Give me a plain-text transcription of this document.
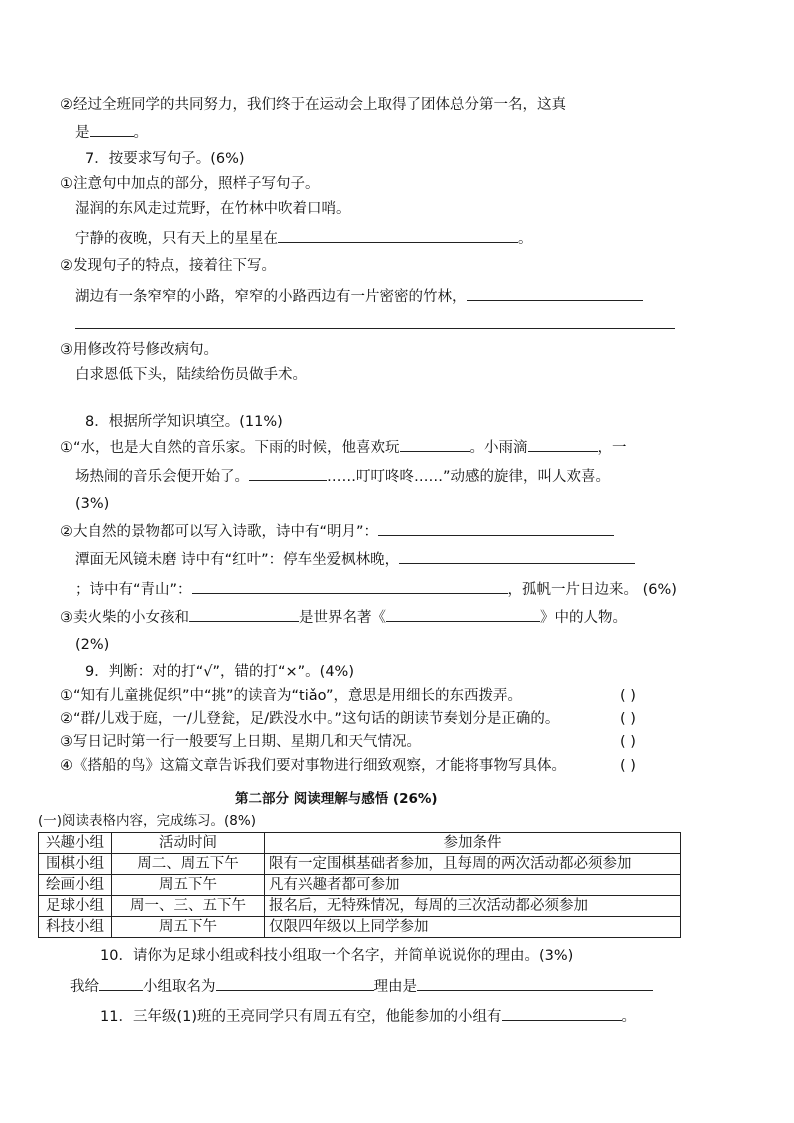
②经过全班同学的共同努力，我们终于在运动会上取得了团体总分第一名，这真
是	。
7．按要求写句子。(6%)
①注意句中加点的部分，照样子写句子。
湿润的东风走过荒野，在竹林中吹着口哨。
宁静的夜晚，只有天上的星星在	。
②发现句子的特点，接着往下写。
湖边有一条窄窄的小路，窄窄的小路西边有一片密密的竹林，
③用修改符号修改病句。
白求恩低下头，陆续给伤员做手术。
8．根据所学知识填空。(11%)
①“水，也是大自然的音乐家。下雨的时候，他喜欢玩	。小雨滴	，一
场热闹的音乐会便开始了。	……叮叮咚咚……”动感的旋律，叫人欢喜。
(3%)
②大自然的景物都可以写入诗歌，诗中有“明月”：
潭面无风镜未磨 诗中有“红叶”：停车坐爱枫林晚，
；诗中有“青山”：	，孤帆一片日边来。 (6%)
③卖火柴的小女孩和	是世界名著《	》中的人物。
(2%)
9．判断：对的打“√”，错的打“×”。(4%)
①“知有儿童挑促织”中“挑”的读音为“tiǎo”，意思是用细长的东西拨弄。	( )
②“群/儿戏于庭，一/儿登瓮，足/跌没水中。”这句话的朗读节奏划分是正确的。	( )
③写日记时第一行一般要写上日期、星期几和天气情况。	( )
④《搭船的鸟》这篇文章告诉我们要对事物进行细致观察，才能将事物写具体。	( )
第二部分 阅读理解与感悟 (26%)
(一)阅读表格内容，完成练习。(8%)
兴趣小组	活动时间	参加条件
围棋小组	周二、周五下午	限有一定围棋基础者参加，且每周的两次活动都必须参加
绘画小组	周五下午	凡有兴趣者都可参加
足球小组	周一、三、五下午	报名后，无特殊情况，每周的三次活动都必须参加
科技小组	周五下午	仅限四年级以上同学参加
10．请你为足球小组或科技小组取一个名字，并简单说说你的理由。(3%)
我给	小组取名为	理由是
11．三年级(1)班的王亮同学只有周五有空，他能参加的小组有	。
